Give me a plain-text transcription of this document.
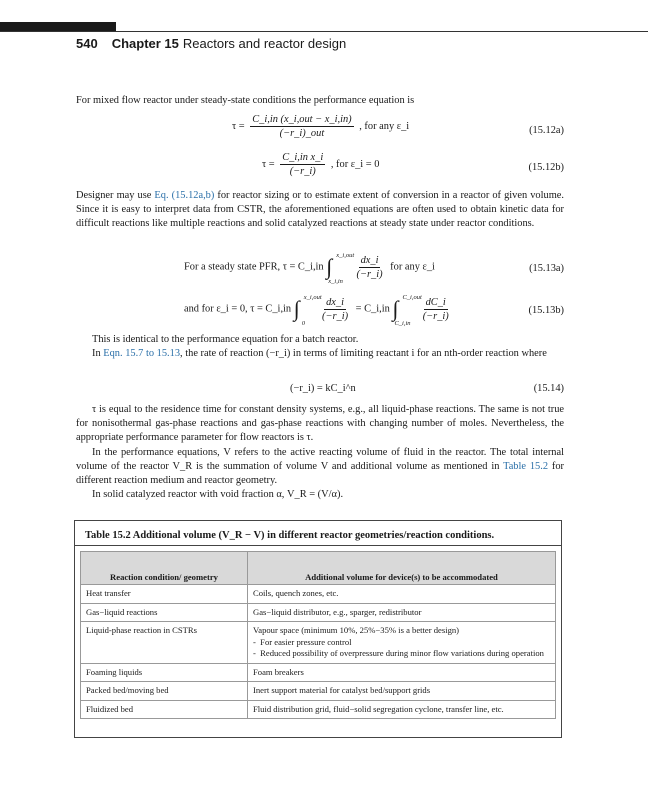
540 Chapter 15 Reactors and reactor design
For mixed flow reactor under steady-state conditions the performance equation is
$\tau = \frac{\text{C\_i,in (x\_i,out − x\_i,in)}}{\text{(−r\_i)\_out}}$ , for any ε_i	(15.12a)
$\tau = \frac{\text{C\_i,in x\_i}}{(-r\_i)}$ , for ε_i = 0	(15.12b)
Designer may use Eq. (15.12a,b) for reactor sizing or to estimate extent of conversion in a reactor of given volume. Since it is easy to interpret data from CSTR, the aforementioned equations are often used to obtain kinetic data for difficult reactions like multiple reactions and solid catalyzed reactions at steady state under reactor conditions.
For a steady state PFR, τ = C_i,in ∫ x_i,out
x_i,in

$\frac{dx\_i}{(-r\_i)}$ for any ε_i	(15.13a)
and for ε_i = 0, τ = C_i,in ∫ x_i,out
0

$\frac{dx\_i}{(-r\_i)}$ = C_i,in ∫ C_i,out
C_i,in

$\frac{dC\_i}{(-r\_i)}$	(15.13b)
This is identical to the performance equation for a batch reactor.
In Eqn. 15.7 to 15.13, the rate of reaction (−r_i) in terms of limiting reactant i for an nth-order reaction where
(−r_i) = kC_i^n	(15.14)
τ is equal to the residence time for constant density systems, e.g., all liquid-phase reactions. The same is not true for nonisothermal gas-phase reactions and gas-phase reactions with changing number of moles. Nevertheless, the appropriate performance parameter for flow reactors is τ.
In the performance equations, V refers to the active reacting volume of fluid in the reactor. The total internal volume of the reactor V_R is the summation of volume V and additional volume as mentioned in Table 15.2 for different reaction medium and reactor geometry.
In solid catalyzed reactor with void fraction α, V_R = (V/α).
Table 15.2 Additional volume (V_R − V) in different reactor geometries/reaction conditions.
Reaction condition/ geometry	Additional volume for device(s) to be accommodated
Heat transfer	Coils, quench zones, etc.
Gas−liquid reactions	Gas−liquid distributor, e.g., sparger, redistributor
Liquid-phase reaction in CSTRs	Vapour space (minimum 10%, 25%−35% is a better design)
-  For easier pressure control
-  Reduced possibility of overpressure during minor flow variations during operation

Foaming liquids	Foam breakers
Packed bed/moving bed	Inert support material for catalyst bed/support grids
Fluidized bed	Fluid distribution grid, fluid−solid segregation cyclone, transfer line, etc.
